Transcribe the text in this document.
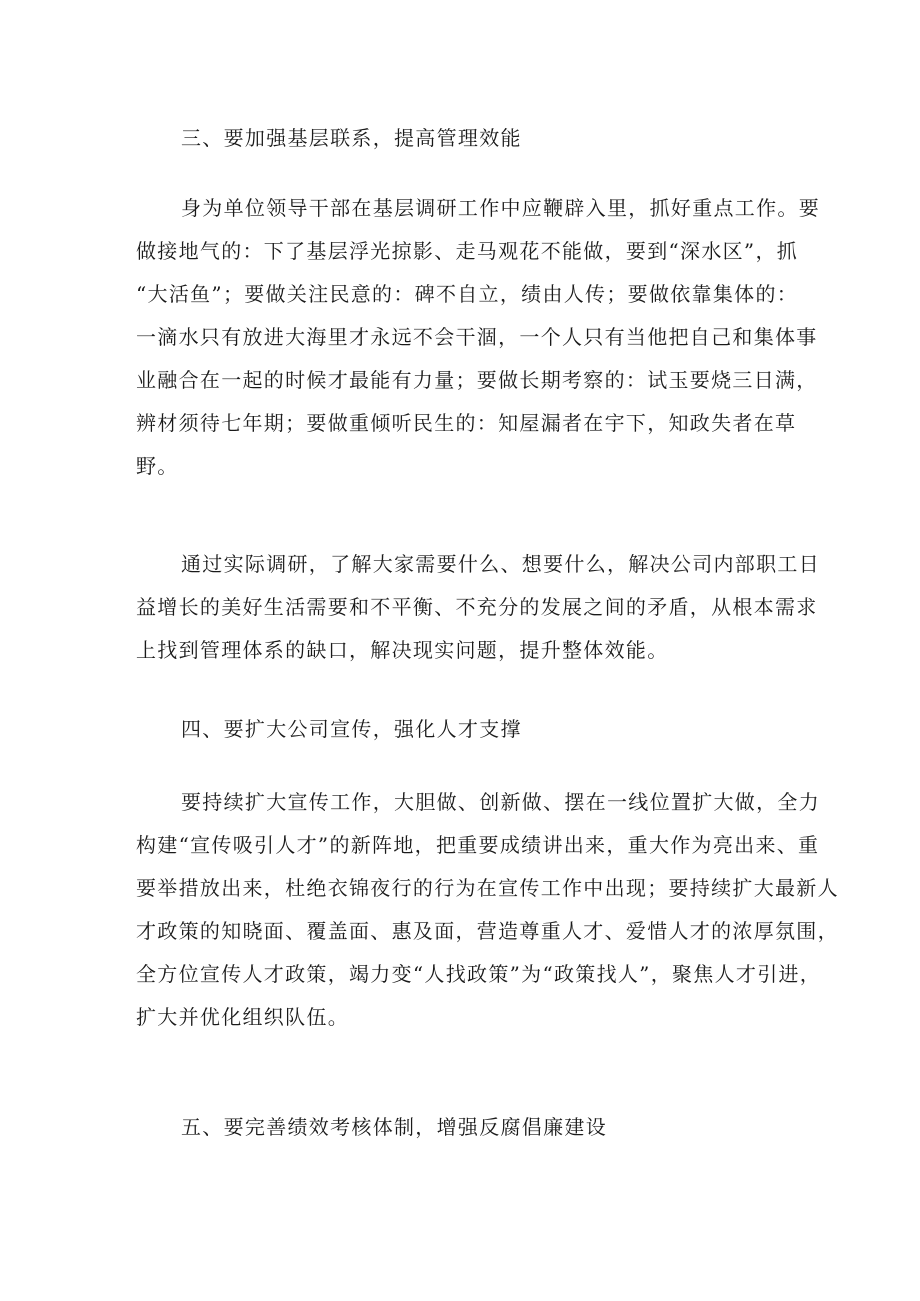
三、要加强基层联系，提高管理效能
身为单位领导干部在基层调研工作中应鞭辟入里，抓好重点工作。要
做接地气的：下了基层浮光掠影、走马观花不能做，要到“深水区”，抓
“大活鱼”；要做关注民意的：碑不自立，绩由人传；要做依靠集体的：
一滴水只有放进大海里才永远不会干涸，一个人只有当他把自己和集体事
业融合在一起的时候才最能有力量；要做长期考察的：试玉要烧三日满，
辨材须待七年期；要做重倾听民生的：知屋漏者在宇下，知政失者在草
野。
通过实际调研，了解大家需要什么、想要什么，解决公司内部职工日
益增长的美好生活需要和不平衡、不充分的发展之间的矛盾，从根本需求
上找到管理体系的缺口，解决现实问题，提升整体效能。
四、要扩大公司宣传，强化人才支撑
要持续扩大宣传工作，大胆做、创新做、摆在一线位置扩大做，全力
构建“宣传吸引人才”的新阵地，把重要成绩讲出来，重大作为亮出来、重
要举措放出来，杜绝衣锦夜行的行为在宣传工作中出现；要持续扩大最新人
才政策的知晓面、覆盖面、惠及面，营造尊重人才、爱惜人才的浓厚氛围，
全方位宣传人才政策，竭力变“人找政策”为“政策找人”，聚焦人才引进，
扩大并优化组织队伍。
五、要完善绩效考核体制，增强反腐倡廉建设
